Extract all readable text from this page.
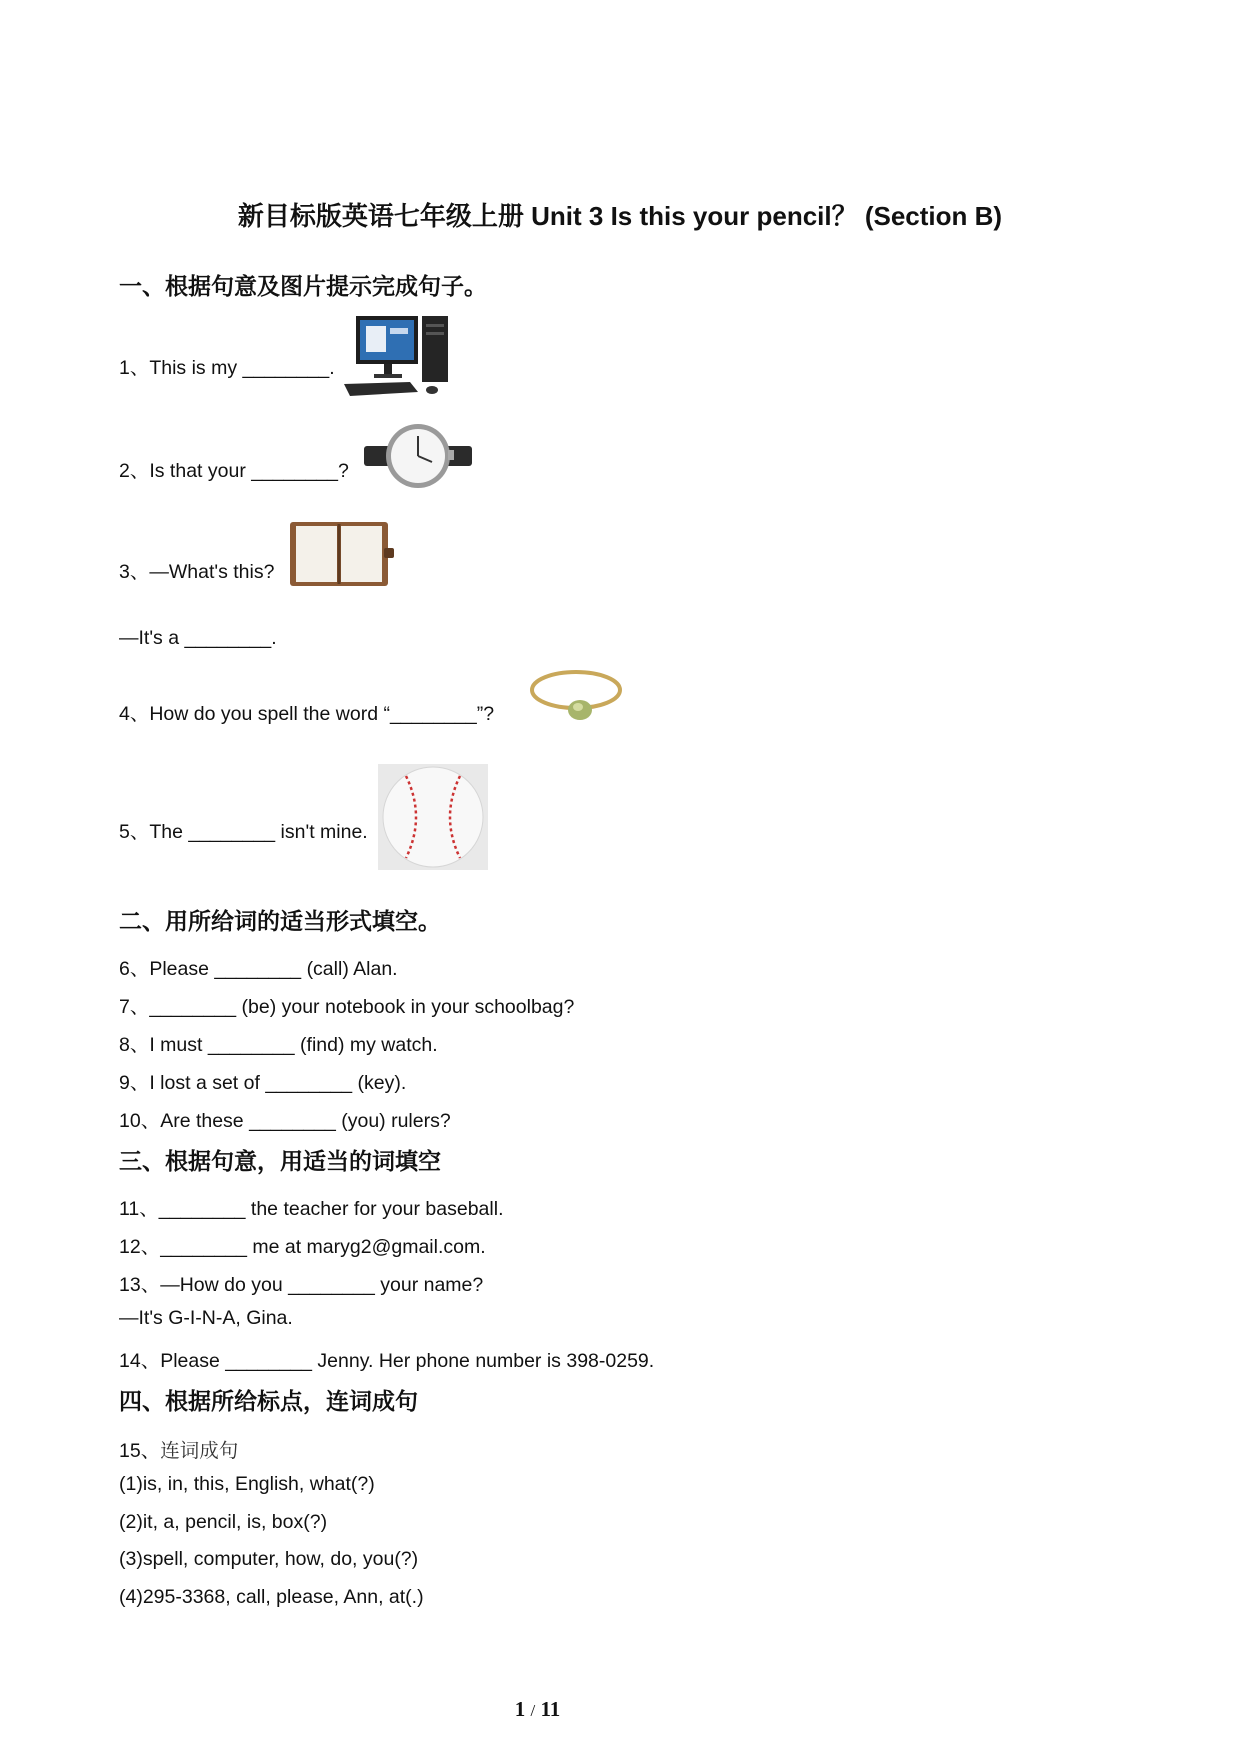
新目标版英语七年级上册 Unit 3 Is this your pencil？ (Section B)
一、根据句意及图片提示完成句子。
1、This is my ________.
2、Is that your ________?
3、—What's this?
—It's a ________.
4、How do you spell the word “________”?
5、The ________ isn't mine.
二、用所给词的适当形式填空。
6、Please ________ (call) Alan.
7、________ (be) your notebook in your schoolbag?
8、I must ________ (find) my watch.
9、I lost a set of ________ (key).
10、Are these ________ (you) rulers?
三、根据句意，用适当的词填空
11、________ the teacher for your baseball.
12、________ me at maryg2@gmail.com.
13、—How do you ________ your name?
—It's G-I-N-A, Gina.
14、Please ________ Jenny. Her phone number is 398-0259.
四、根据所给标点，连词成句
15、连词成句
(1)is, in, this, English, what(?)
(2)it, a, pencil, is, box(?)
(3)spell, computer, how, do, you(?)
(4)295-3368, call, please, Ann, at(.)
1 / 11
